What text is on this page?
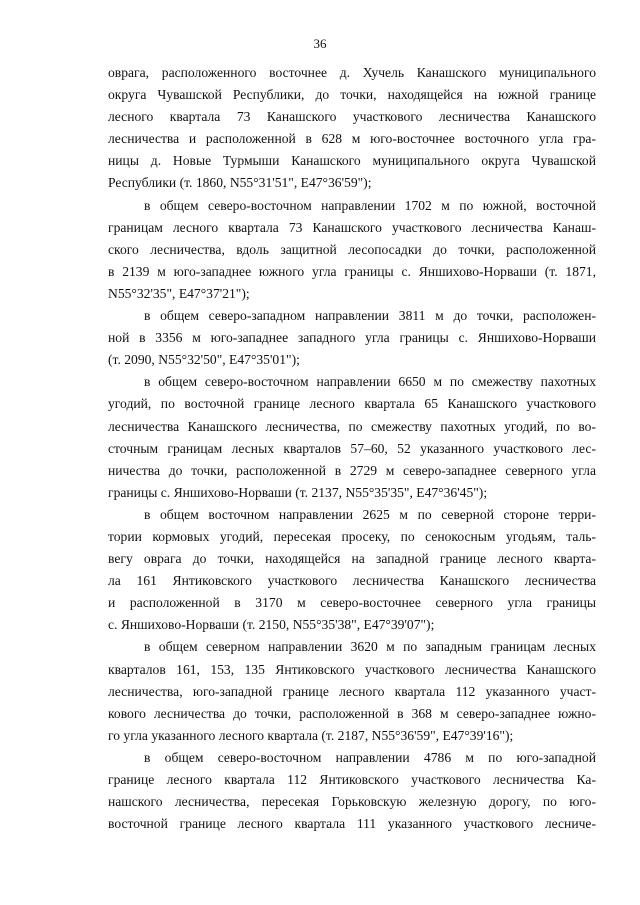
36
оврага, расположенного восточнее д. Хучель Канашского муниципального
округа Чувашской Республики, до точки, находящейся на южной границе
лесного квартала 73 Канашского участкового лесничества Канашского
лесничества и расположенной в 628 м юго-восточнее восточного угла гра-
ницы д. Новые Турмыши Канашского муниципального округа Чувашской
Республики (т. 1860, N55°31'51", E47°36'59");
в общем северо-восточном направлении 1702 м по южной, восточной
границам лесного квартала 73 Канашского участкового лесничества Канаш-
ского лесничества, вдоль защитной лесопосадки до точки, расположенной
в 2139 м юго-западнее южного угла границы с. Яншихово-Норваши (т. 1871,
N55°32'35", E47°37'21");
в общем северо-западном направлении 3811 м до точки, расположен-
ной в 3356 м юго-западнее западного угла границы с. Яншихово-Норваши
(т. 2090, N55°32'50", E47°35'01");
в общем северо-восточном направлении 6650 м по смежеству пахотных
угодий, по восточной границе лесного квартала 65 Канашского участкового
лесничества Канашского лесничества, по смежеству пахотных угодий, по во-
сточным границам лесных кварталов 57–60, 52 указанного участкового лес-
ничества до точки, расположенной в 2729 м северо-западнее северного угла
границы с. Яншихово-Норваши (т. 2137, N55°35'35", E47°36'45");
в общем восточном направлении 2625 м по северной стороне терри-
тории кормовых угодий, пересекая просеку, по сенокосным угодьям, таль-
вегу оврага до точки, находящейся на западной границе лесного кварта-
ла 161 Янтиковского участкового лесничества Канашского лесничества
и расположенной в 3170 м северо-восточнее северного угла границы
с. Яншихово-Норваши (т. 2150, N55°35'38", E47°39'07");
в общем северном направлении 3620 м по западным границам лесных
кварталов 161, 153, 135 Янтиковского участкового лесничества Канашского
лесничества, юго-западной границе лесного квартала 112 указанного участ-
кового лесничества до точки, расположенной в 368 м северо-западнее южно-
го угла указанного лесного квартала (т. 2187, N55°36'59", E47°39'16");
в общем северо-восточном направлении 4786 м по юго-западной
границе лесного квартала 112 Янтиковского участкового лесничества Ка-
нашского лесничества, пересекая Горьковскую железную дорогу, по юго-
восточной границе лесного квартала 111 указанного участкового лесниче-
